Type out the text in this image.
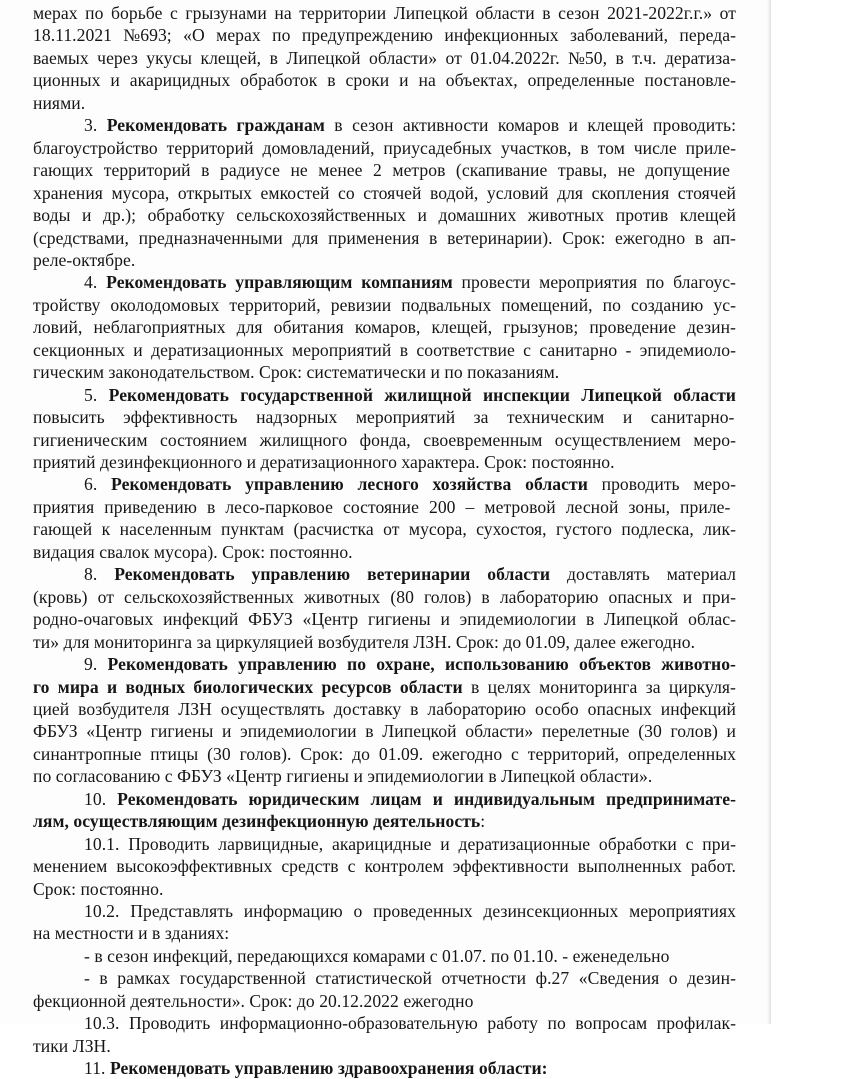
мерах по борьбе с грызунами на территории Липецкой области в сезон 2021-2022г.г.» от

18.11.2021 №693; «О мерах по предупреждению инфекционных заболеваний, переда-

ваемых через укусы клещей, в Липецкой области» от 01.04.2022г. №50, в т.ч. дератиза-

ционных и акарицидных обработок в сроки и на объектах, определенные постановле-

ниями.

3. Рекомендовать гражданам в сезон активности комаров и клещей проводить:

благоустройство территорий домовладений, приусадебных участков, в том числе приле-

гающих территорий в радиусе не менее 2 метров (скапивание травы, не допущение

хранения мусора, открытых емкостей со стоячей водой, условий для скопления стоячей

воды и др.); обработку сельскохозяйственных и домашних животных против клещей

(средствами, предназначенными для применения в ветеринарии). Срок: ежегодно в ап-

реле-октябре.

4. Рекомендовать управляющим компаниям провести мероприятия по благоус-

тройству околодомовых территорий, ревизии подвальных помещений, по созданию ус-

ловий, неблагоприятных для обитания комаров, клещей, грызунов; проведение дезин-

секционных и дератизационных мероприятий в соответствие с санитарно - эпидемиоло-

гическим законодательством. Срок: систематически и по показаниям.

5. Рекомендовать государственной жилищной инспекции Липецкой области

повысить эффективность надзорных мероприятий за техническим и санитарно-

гигиеническим состоянием жилищного фонда, своевременным осуществлением меро-

приятий дезинфекционного и дератизационного характера. Срок: постоянно.

6. Рекомендовать управлению лесного хозяйства области проводить меро-

приятия приведению в лесо-парковое состояние 200 – метровой лесной зоны, приле-

гающей к населенным пунктам (расчистка от мусора, сухостоя, густого подлеска, лик-

видация свалок мусора). Срок: постоянно.

8. Рекомендовать управлению ветеринарии области доставлять материал

(кровь) от сельскохозяйственных животных (80 голов) в лабораторию опасных и при-

родно-очаговых инфекций ФБУЗ «Центр гигиены и эпидемиологии в Липецкой облас-

ти» для мониторинга за циркуляцией возбудителя ЛЗН. Срок: до 01.09, далее ежегодно.

9. Рекомендовать управлению по охране, использованию объектов животно-

го мира и водных биологических ресурсов области в целях мониторинга за циркуля-

цией возбудителя ЛЗН осуществлять доставку в лабораторию особо опасных инфекций

ФБУЗ «Центр гигиены и эпидемиологии в Липецкой области» перелетные (30 голов) и

синантропные птицы (30 голов). Срок: до 01.09. ежегодно с территорий, определенных

по согласованию с ФБУЗ «Центр гигиены и эпидемиологии в Липецкой области».

10. Рекомендовать юридическим лицам и индивидуальным предпринимате-

лям, осуществляющим дезинфекционную деятельность:

10.1. Проводить ларвицидные, акарицидные и дератизационные обработки с при-

менением высокоэффективных средств с контролем эффективности выполненных работ.

Срок: постоянно.

10.2. Представлять информацию о проведенных дезинсекционных мероприятиях

на местности и в зданиях:

- в сезон инфекций, передающихся комарами с 01.07. по 01.10. - еженедельно

- в рамках государственной статистической отчетности ф.27 «Сведения о дезин-

фекционной деятельности». Срок: до 20.12.2022 ежегодно

10.3. Проводить информационно-образовательную работу по вопросам профилак-

тики ЛЗН.

11. Рекомендовать управлению здравоохранения области:
